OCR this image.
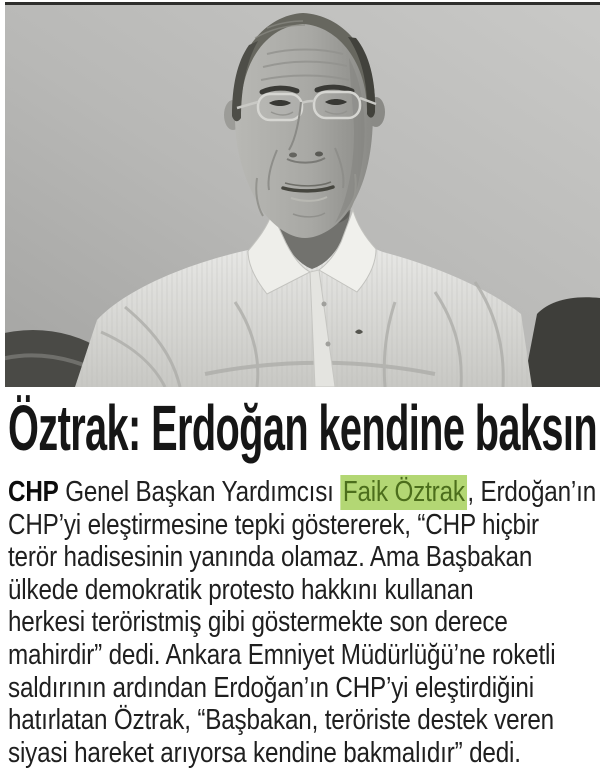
Öztrak: Erdoğan kendine baksın
CHP Genel Başkan Yardımcısı Faik Öztrak, Erdoğan’ın
CHP’yi eleştirmesine tepki göstererek, “CHP hiçbir
terör hadisesinin yanında olamaz. Ama Başbakan
ülkede demokratik protesto hakkını kullanan
herkesi teröristmiş gibi göstermekte son derece
mahirdir” dedi. Ankara Emniyet Müdürlüğü’ne roketli
saldırının ardından Erdoğan’ın CHP’yi eleştirdiğini
hatırlatan Öztrak, “Başbakan, teröriste destek veren
siyasi hareket arıyorsa kendine bakmalıdır” dedi.
